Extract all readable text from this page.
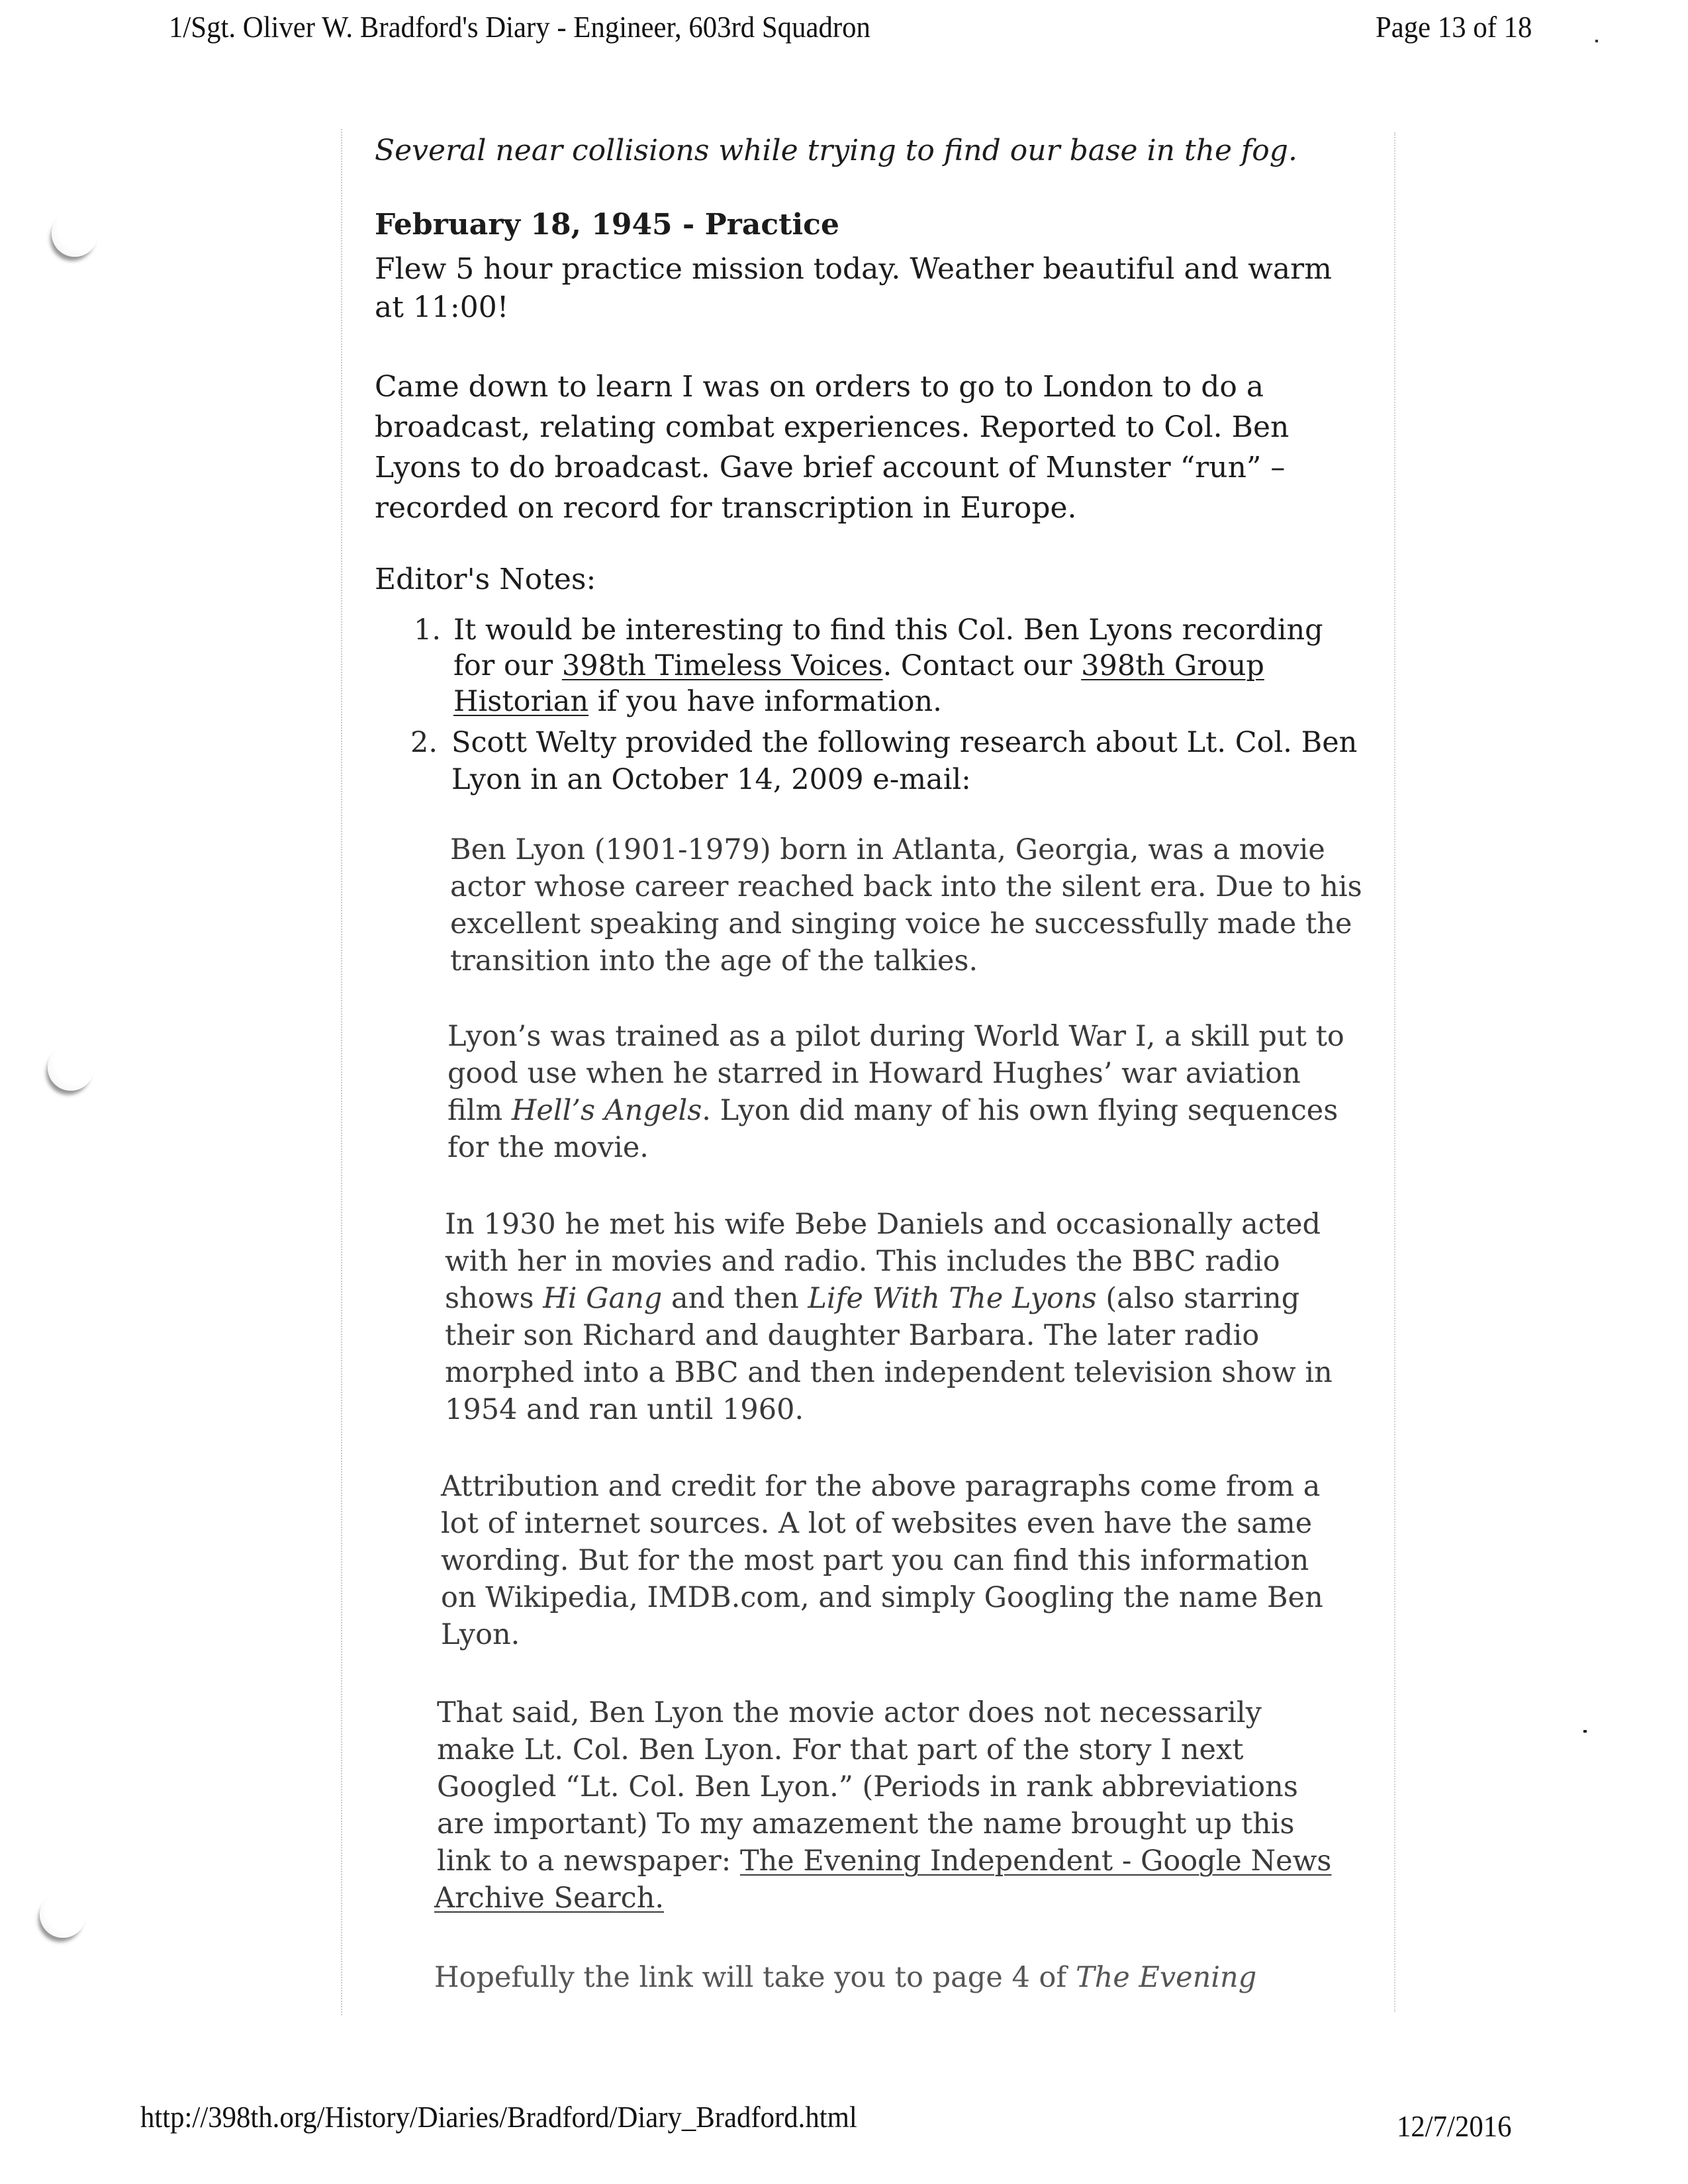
1/Sgt. Oliver W. Bradford's Diary - Engineer, 603rd Squadron	Page 13 of 18
Several near collisions while trying to find our base in the fog.
February 18, 1945 - Practice
Flew 5 hour practice mission today. Weather beautiful and warm
at 11:00!
Came down to learn I was on orders to go to London to do a
broadcast, relating combat experiences. Reported to Col. Ben
Lyons to do broadcast. Gave brief account of Munster “run” –
recorded on record for transcription in Europe.
Editor's Notes:
1. It would be interesting to find this Col. Ben Lyons recording
for our 398th Timeless Voices. Contact our 398th Group
Historian if you have information.
2. Scott Welty provided the following research about Lt. Col. Ben
Lyon in an October 14, 2009 e-mail:
Ben Lyon (1901-1979) born in Atlanta, Georgia, was a movie
actor whose career reached back into the silent era. Due to his
excellent speaking and singing voice he successfully made the
transition into the age of the talkies.
Lyon’s was trained as a pilot during World War I, a skill put to
good use when he starred in Howard Hughes’ war aviation
film Hell’s Angels. Lyon did many of his own flying sequences
for the movie.
In 1930 he met his wife Bebe Daniels and occasionally acted
with her in movies and radio. This includes the BBC radio
shows Hi Gang and then Life With The Lyons (also starring
their son Richard and daughter Barbara. The later radio
morphed into a BBC and then independent television show in
1954 and ran until 1960.
Attribution and credit for the above paragraphs come from a
lot of internet sources. A lot of websites even have the same
wording. But for the most part you can find this information
on Wikipedia, IMDB.com, and simply Googling the name Ben
Lyon.
That said, Ben Lyon the movie actor does not necessarily
make Lt. Col. Ben Lyon. For that part of the story I next
Googled “Lt. Col. Ben Lyon.” (Periods in rank abbreviations
are important) To my amazement the name brought up this
link to a newspaper: The Evening Independent - Google News
Archive Search.
Hopefully the link will take you to page 4 of The Evening
http://398th.org/History/Diaries/Bradford/Diary_Bradford.html	12/7/2016
